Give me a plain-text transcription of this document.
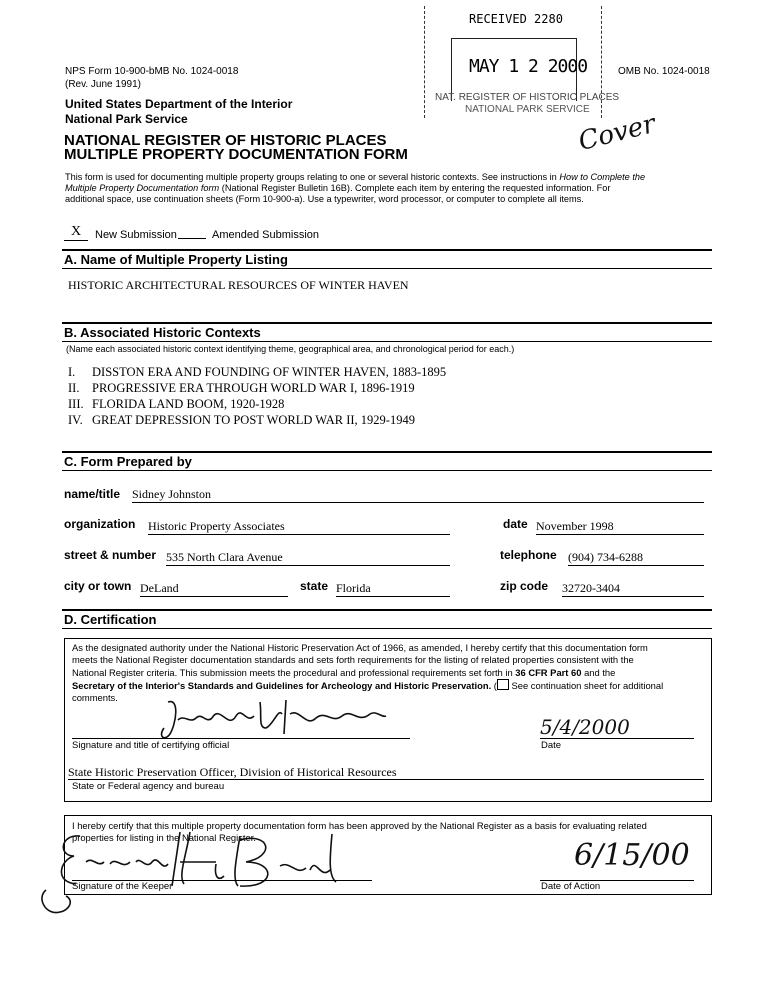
RECEIVED 2280
MAY 1 2 2000
NAT. REGISTER OF HISTORIC PLACES
NATIONAL PARK SERVICE
NPS Form 10-900-bMB No. 1024-0018
(Rev. June 1991)
OMB No. 1024-0018
United States Department of the Interior
National Park Service
NATIONAL REGISTER OF HISTORIC PLACES
MULTIPLE PROPERTY DOCUMENTATION FORM	Cover
This form is used for documenting multiple property groups relating to one or several historic contexts. See instructions in How to Complete the
Multiple Property Documentation form (National Register Bulletin 16B). Complete each item by entering the requested information. For
additional space, use continuation sheets (Form 10-900-a). Use a typewriter, word processor, or computer to complete all items.
X	New Submission	Amended Submission
A. Name of Multiple Property Listing
HISTORIC ARCHITECTURAL RESOURCES OF WINTER HAVEN
B. Associated Historic Contexts
(Name each associated historic context identifying theme, geographical area, and chronological period for each.)
I. DISSTON ERA AND FOUNDING OF WINTER HAVEN, 1883-1895
II. PROGRESSIVE ERA THROUGH WORLD WAR I, 1896-1919
III. FLORIDA LAND BOOM, 1920-1928
IV. GREAT DEPRESSION TO POST WORLD WAR II, 1929-1949
C. Form Prepared by
name/title Sidney Johnston
organization Historic Property Associates	date November 1998
street & number 535 North Clara Avenue	telephone (904) 734-6288
city or town DeLand	state Florida	zip code 32720-3404
D. Certification
As the designated authority under the National Historic Preservation Act of 1966, as amended, I hereby certify that this documentation form
meets the National Register documentation standards and sets forth requirements for the listing of related properties consistent with the
National Register criteria. This submission meets the procedural and professional requirements set forth in 36 CFR Part 60 and the
Secretary of the Interior's Standards and Guidelines for Archeology and Historic Preservation. ( See continuation sheet for additional
comments.
Signature and title of certifying official
5/4/2000
Date
State Historic Preservation Officer, Division of Historical Resources
State or Federal agency and bureau
I hereby certify that this multiple property documentation form has been approved by the National Register as a basis for evaluating related
properties for listing in the National Register.
Signature of the Keeper
6/15/00
Date of Action
